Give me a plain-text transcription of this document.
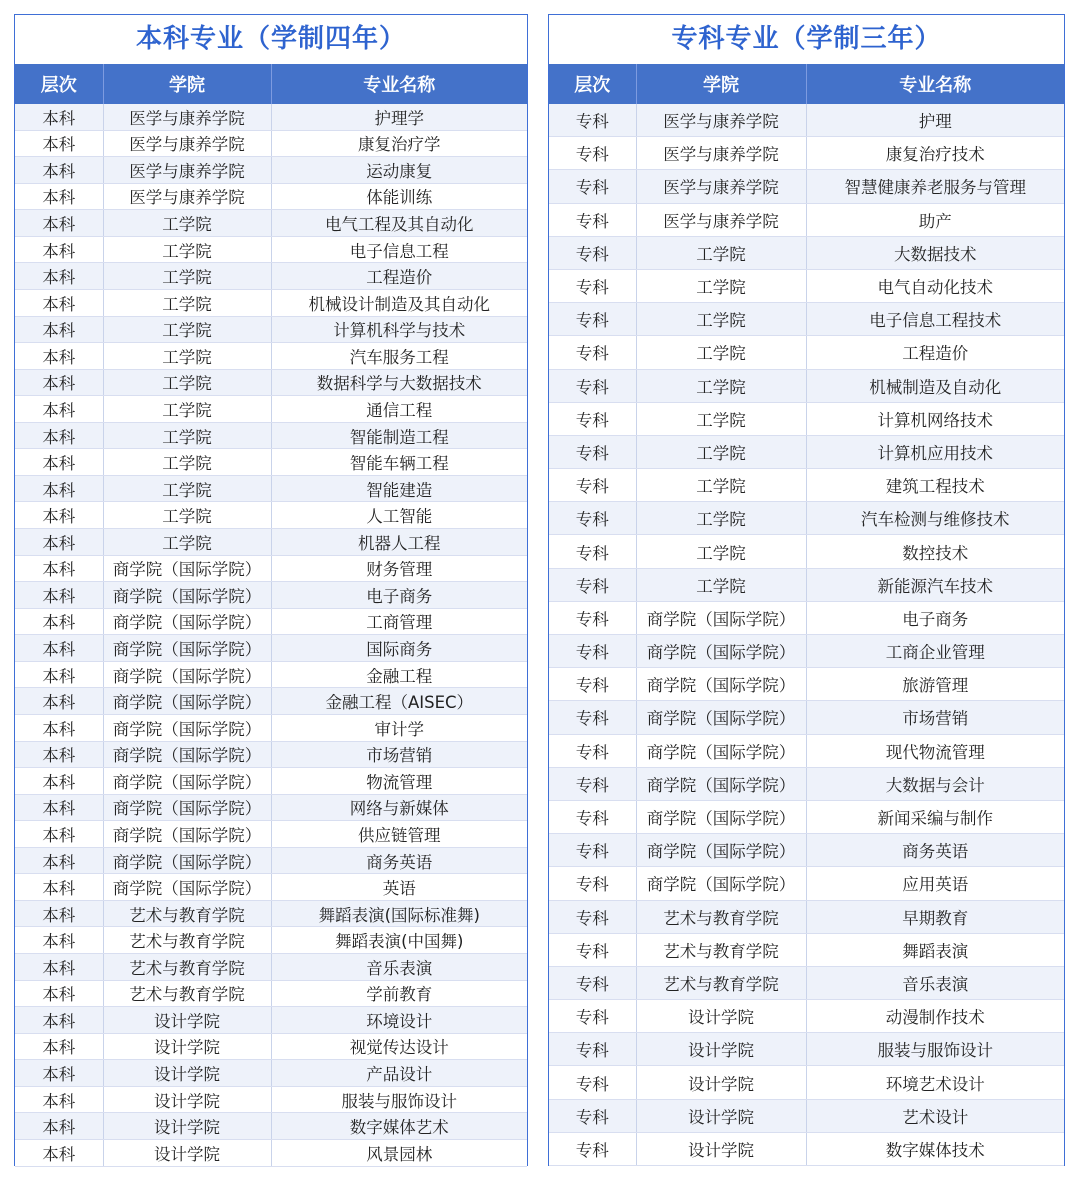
本科专业（学制四年）
层次	学院	专业名称
本科	医学与康养学院	护理学
本科	医学与康养学院	康复治疗学
本科	医学与康养学院	运动康复
本科	医学与康养学院	体能训练
本科	工学院	电气工程及其自动化
本科	工学院	电子信息工程
本科	工学院	工程造价
本科	工学院	机械设计制造及其自动化
本科	工学院	计算机科学与技术
本科	工学院	汽车服务工程
本科	工学院	数据科学与大数据技术
本科	工学院	通信工程
本科	工学院	智能制造工程
本科	工学院	智能车辆工程
本科	工学院	智能建造
本科	工学院	人工智能
本科	工学院	机器人工程
本科	商学院（国际学院）	财务管理
本科	商学院（国际学院）	电子商务
本科	商学院（国际学院）	工商管理
本科	商学院（国际学院）	国际商务
本科	商学院（国际学院）	金融工程
本科	商学院（国际学院）	金融工程（AISEC）
本科	商学院（国际学院）	审计学
本科	商学院（国际学院）	市场营销
本科	商学院（国际学院）	物流管理
本科	商学院（国际学院）	网络与新媒体
本科	商学院（国际学院）	供应链管理
本科	商学院（国际学院）	商务英语
本科	商学院（国际学院）	英语
本科	艺术与教育学院	舞蹈表演(国际标准舞)
本科	艺术与教育学院	舞蹈表演(中国舞)
本科	艺术与教育学院	音乐表演
本科	艺术与教育学院	学前教育
本科	设计学院	环境设计
本科	设计学院	视觉传达设计
本科	设计学院	产品设计
本科	设计学院	服装与服饰设计
本科	设计学院	数字媒体艺术
本科	设计学院	风景园林
专科专业（学制三年）
层次	学院	专业名称
专科	医学与康养学院	护理
专科	医学与康养学院	康复治疗技术
专科	医学与康养学院	智慧健康养老服务与管理
专科	医学与康养学院	助产
专科	工学院	大数据技术
专科	工学院	电气自动化技术
专科	工学院	电子信息工程技术
专科	工学院	工程造价
专科	工学院	机械制造及自动化
专科	工学院	计算机网络技术
专科	工学院	计算机应用技术
专科	工学院	建筑工程技术
专科	工学院	汽车检测与维修技术
专科	工学院	数控技术
专科	工学院	新能源汽车技术
专科	商学院（国际学院）	电子商务
专科	商学院（国际学院）	工商企业管理
专科	商学院（国际学院）	旅游管理
专科	商学院（国际学院）	市场营销
专科	商学院（国际学院）	现代物流管理
专科	商学院（国际学院）	大数据与会计
专科	商学院（国际学院）	新闻采编与制作
专科	商学院（国际学院）	商务英语
专科	商学院（国际学院）	应用英语
专科	艺术与教育学院	早期教育
专科	艺术与教育学院	舞蹈表演
专科	艺术与教育学院	音乐表演
专科	设计学院	动漫制作技术
专科	设计学院	服装与服饰设计
专科	设计学院	环境艺术设计
专科	设计学院	艺术设计
专科	设计学院	数字媒体技术
